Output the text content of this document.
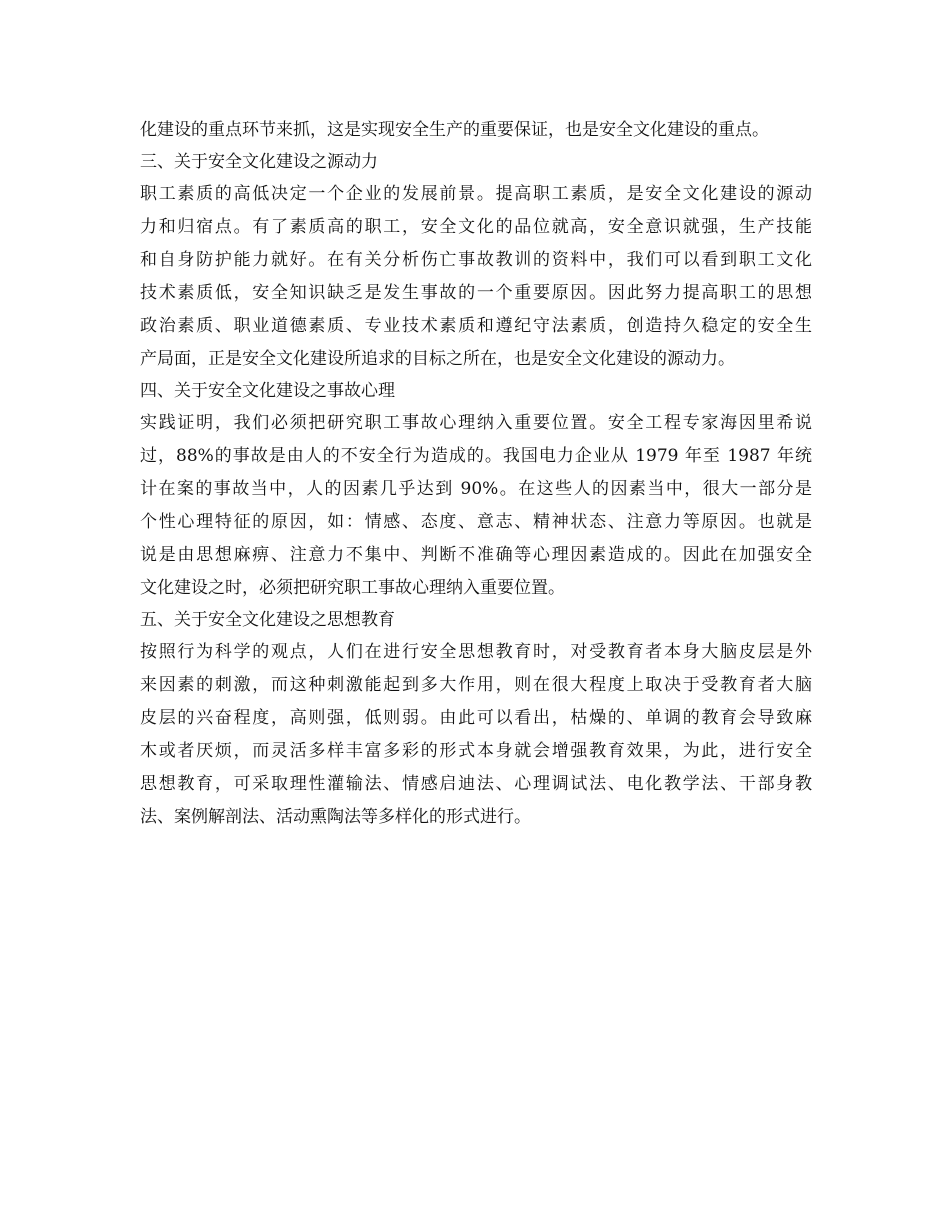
化建设的重点环节来抓，这是实现安全生产的重要保证，也是安全文化建设的重点。
三、关于安全文化建设之源动力
职工素质的高低决定一个企业的发展前景。提高职工素质，是安全文化建设的源动
力和归宿点。有了素质高的职工，安全文化的品位就高，安全意识就强，生产技能
和自身防护能力就好。在有关分析伤亡事故教训的资料中，我们可以看到职工文化
技术素质低，安全知识缺乏是发生事故的一个重要原因。因此努力提高职工的思想
政治素质、职业道德素质、专业技术素质和遵纪守法素质，创造持久稳定的安全生
产局面，正是安全文化建设所追求的目标之所在，也是安全文化建设的源动力。
四、关于安全文化建设之事故心理
实践证明，我们必须把研究职工事故心理纳入重要位置。安全工程专家海因里希说
过，88%的事故是由人的不安全行为造成的。我国电力企业从 1979 年至 1987 年统
计在案的事故当中，人的因素几乎达到 90%。在这些人的因素当中，很大一部分是
个性心理特征的原因，如：情感、态度、意志、精神状态、注意力等原因。也就是
说是由思想麻痹、注意力不集中、判断不准确等心理因素造成的。因此在加强安全
文化建设之时，必须把研究职工事故心理纳入重要位置。
五、关于安全文化建设之思想教育
按照行为科学的观点，人们在进行安全思想教育时，对受教育者本身大脑皮层是外
来因素的刺激，而这种刺激能起到多大作用，则在很大程度上取决于受教育者大脑
皮层的兴奋程度，高则强，低则弱。由此可以看出，枯燥的、单调的教育会导致麻
木或者厌烦，而灵活多样丰富多彩的形式本身就会增强教育效果，为此，进行安全
思想教育，可采取理性灌输法、情感启迪法、心理调试法、电化教学法、干部身教
法、案例解剖法、活动熏陶法等多样化的形式进行。
